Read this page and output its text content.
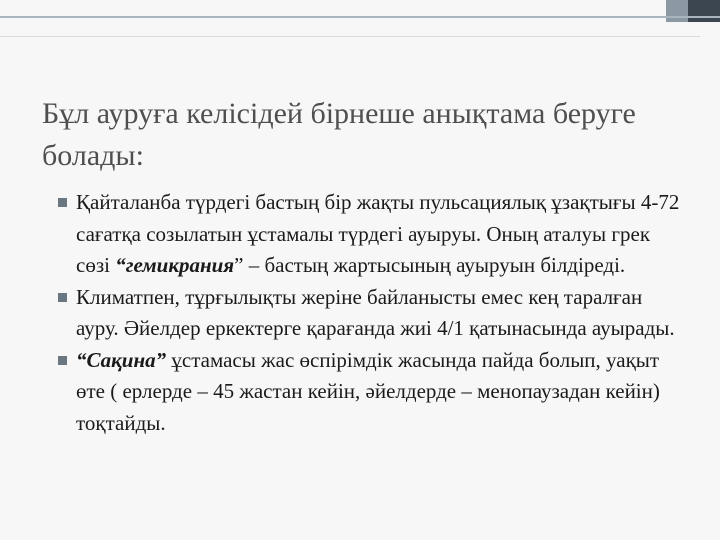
Бұл ауруға келісідей бірнеше анықтама беруге болады:
Қайталанба түрдегі бастың бір жақты пульсациялық ұзақтығы 4-72 сағатқа созылатын ұстамалы түрдегі ауыруы. Оның аталуы грек сөзі “гемикрания” – бастың жартысының ауыруын білдіреді.
Климатпен, тұрғылықты жеріне байланысты емес кең таралған ауру. Әйелдер еркектерге қарағанда жиі 4/1 қатынасында ауырады.
“Сақина” ұстамасы жас өспірімдік жасында пайда болып, уақыт өте ( ерлерде – 45 жастан кейін, әйелдерде – менопаузадан кейін) тоқтайды.
